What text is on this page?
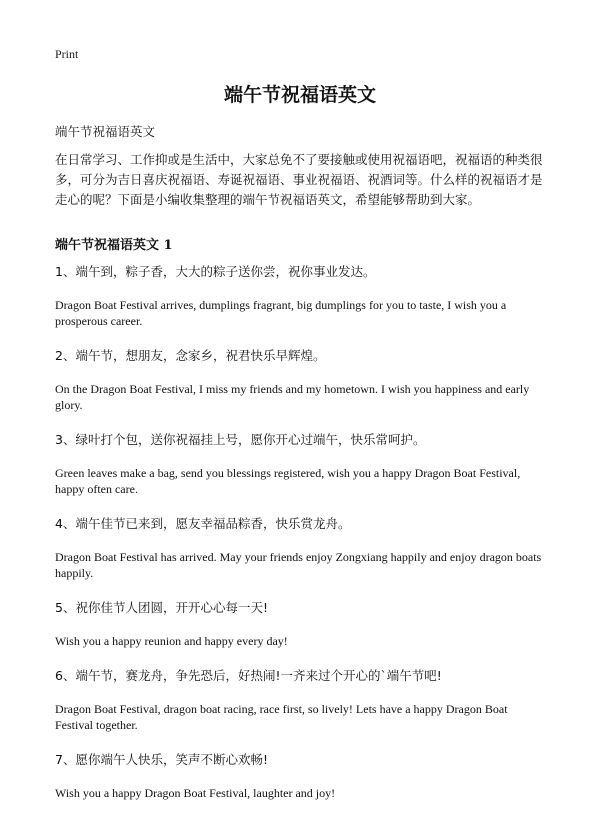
Print
端午节祝福语英文
端午节祝福语英文
在日常学习、工作抑或是生活中，大家总免不了要接触或使用祝福语吧，祝福语的种类很多，可分为吉日喜庆祝福语、寿诞祝福语、事业祝福语、祝酒词等。什么样的祝福语才是走心的呢？下面是小编收集整理的端午节祝福语英文，希望能够帮助到大家。
端午节祝福语英文 1
1、端午到，粽子香，大大的粽子送你尝，祝你事业发达。
Dragon Boat Festival arrives, dumplings fragrant, big dumplings for you to taste, I wish you a prosperous career.
2、端午节，想朋友，念家乡，祝君快乐早辉煌。
On the Dragon Boat Festival, I miss my friends and my hometown. I wish you happiness and early glory.
3、绿叶打个包，送你祝福挂上号，愿你开心过端午，快乐常呵护。
Green leaves make a bag, send you blessings registered, wish you a happy Dragon Boat Festival, happy often care.
4、端午佳节已来到，愿友幸福品粽香，快乐赏龙舟。
Dragon Boat Festival has arrived. May your friends enjoy Zongxiang happily and enjoy dragon boats happily.
5、祝你佳节人团圆，开开心心每一天!
Wish you a happy reunion and happy every day!
6、端午节，赛龙舟，争先恐后，好热闹!一齐来过个开心的`端午节吧!
Dragon Boat Festival, dragon boat racing, race first, so lively! Lets have a happy Dragon Boat Festival together.
7、愿你端午人快乐，笑声不断心欢畅!
Wish you a happy Dragon Boat Festival, laughter and joy!
